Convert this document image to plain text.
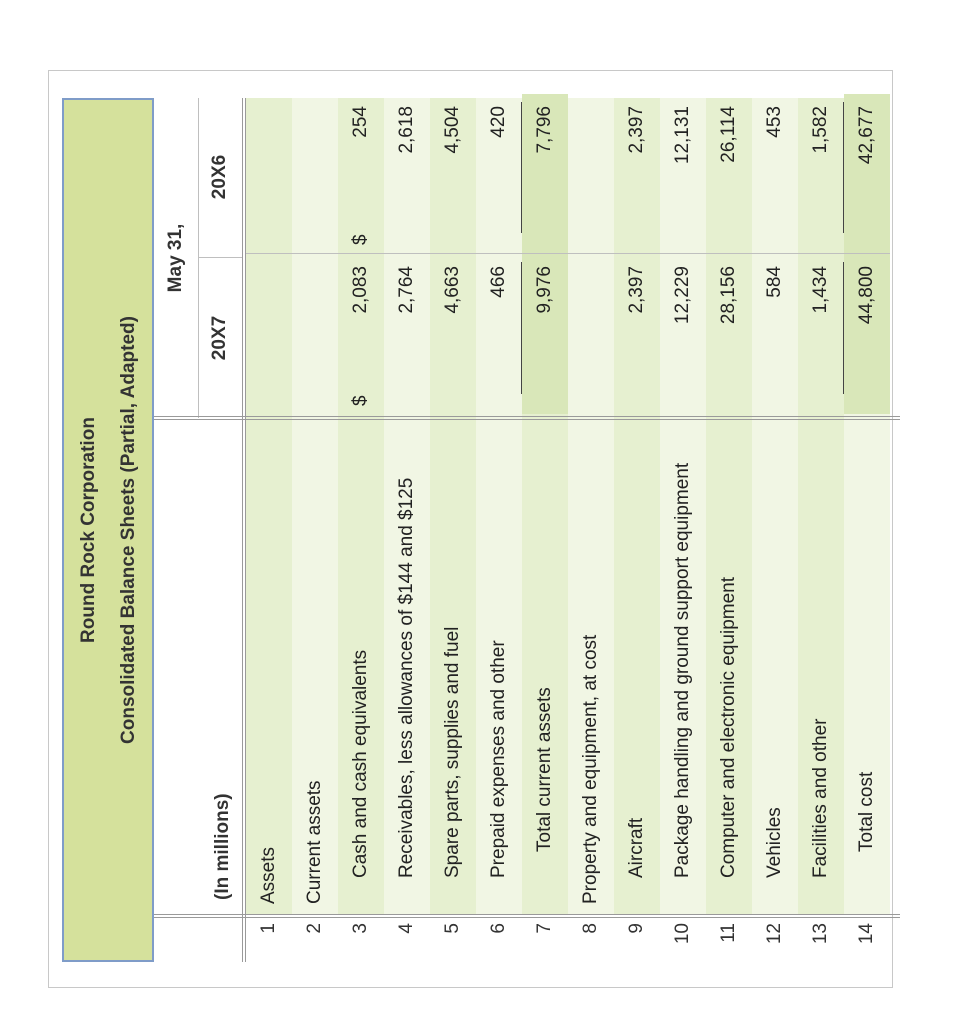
Round Rock Corporation Consolidated Balance Sheets (Partial, Adapted)
(In millions)
May 31,
20X7
20X6
1
Assets
2
Current assets
3
Cash and cash equivalents
$
2,083
$
254
4
Receivables, less allowances of $144 and $125
2,764
2,618
5
Spare parts, supplies and fuel
4,663
4,504
6
Prepaid expenses and other
466
420
7
Total current assets
9,976
7,796
8
Property and equipment, at cost
9
Aircraft
2,397
2,397
10
Package handling and ground support equipment
12,229
12,131
11
Computer and electronic equipment
28,156
26,114
12
Vehicles
584
453
13
Facilities and other
1,434
1,582
14
Total cost
44,800
42,677
